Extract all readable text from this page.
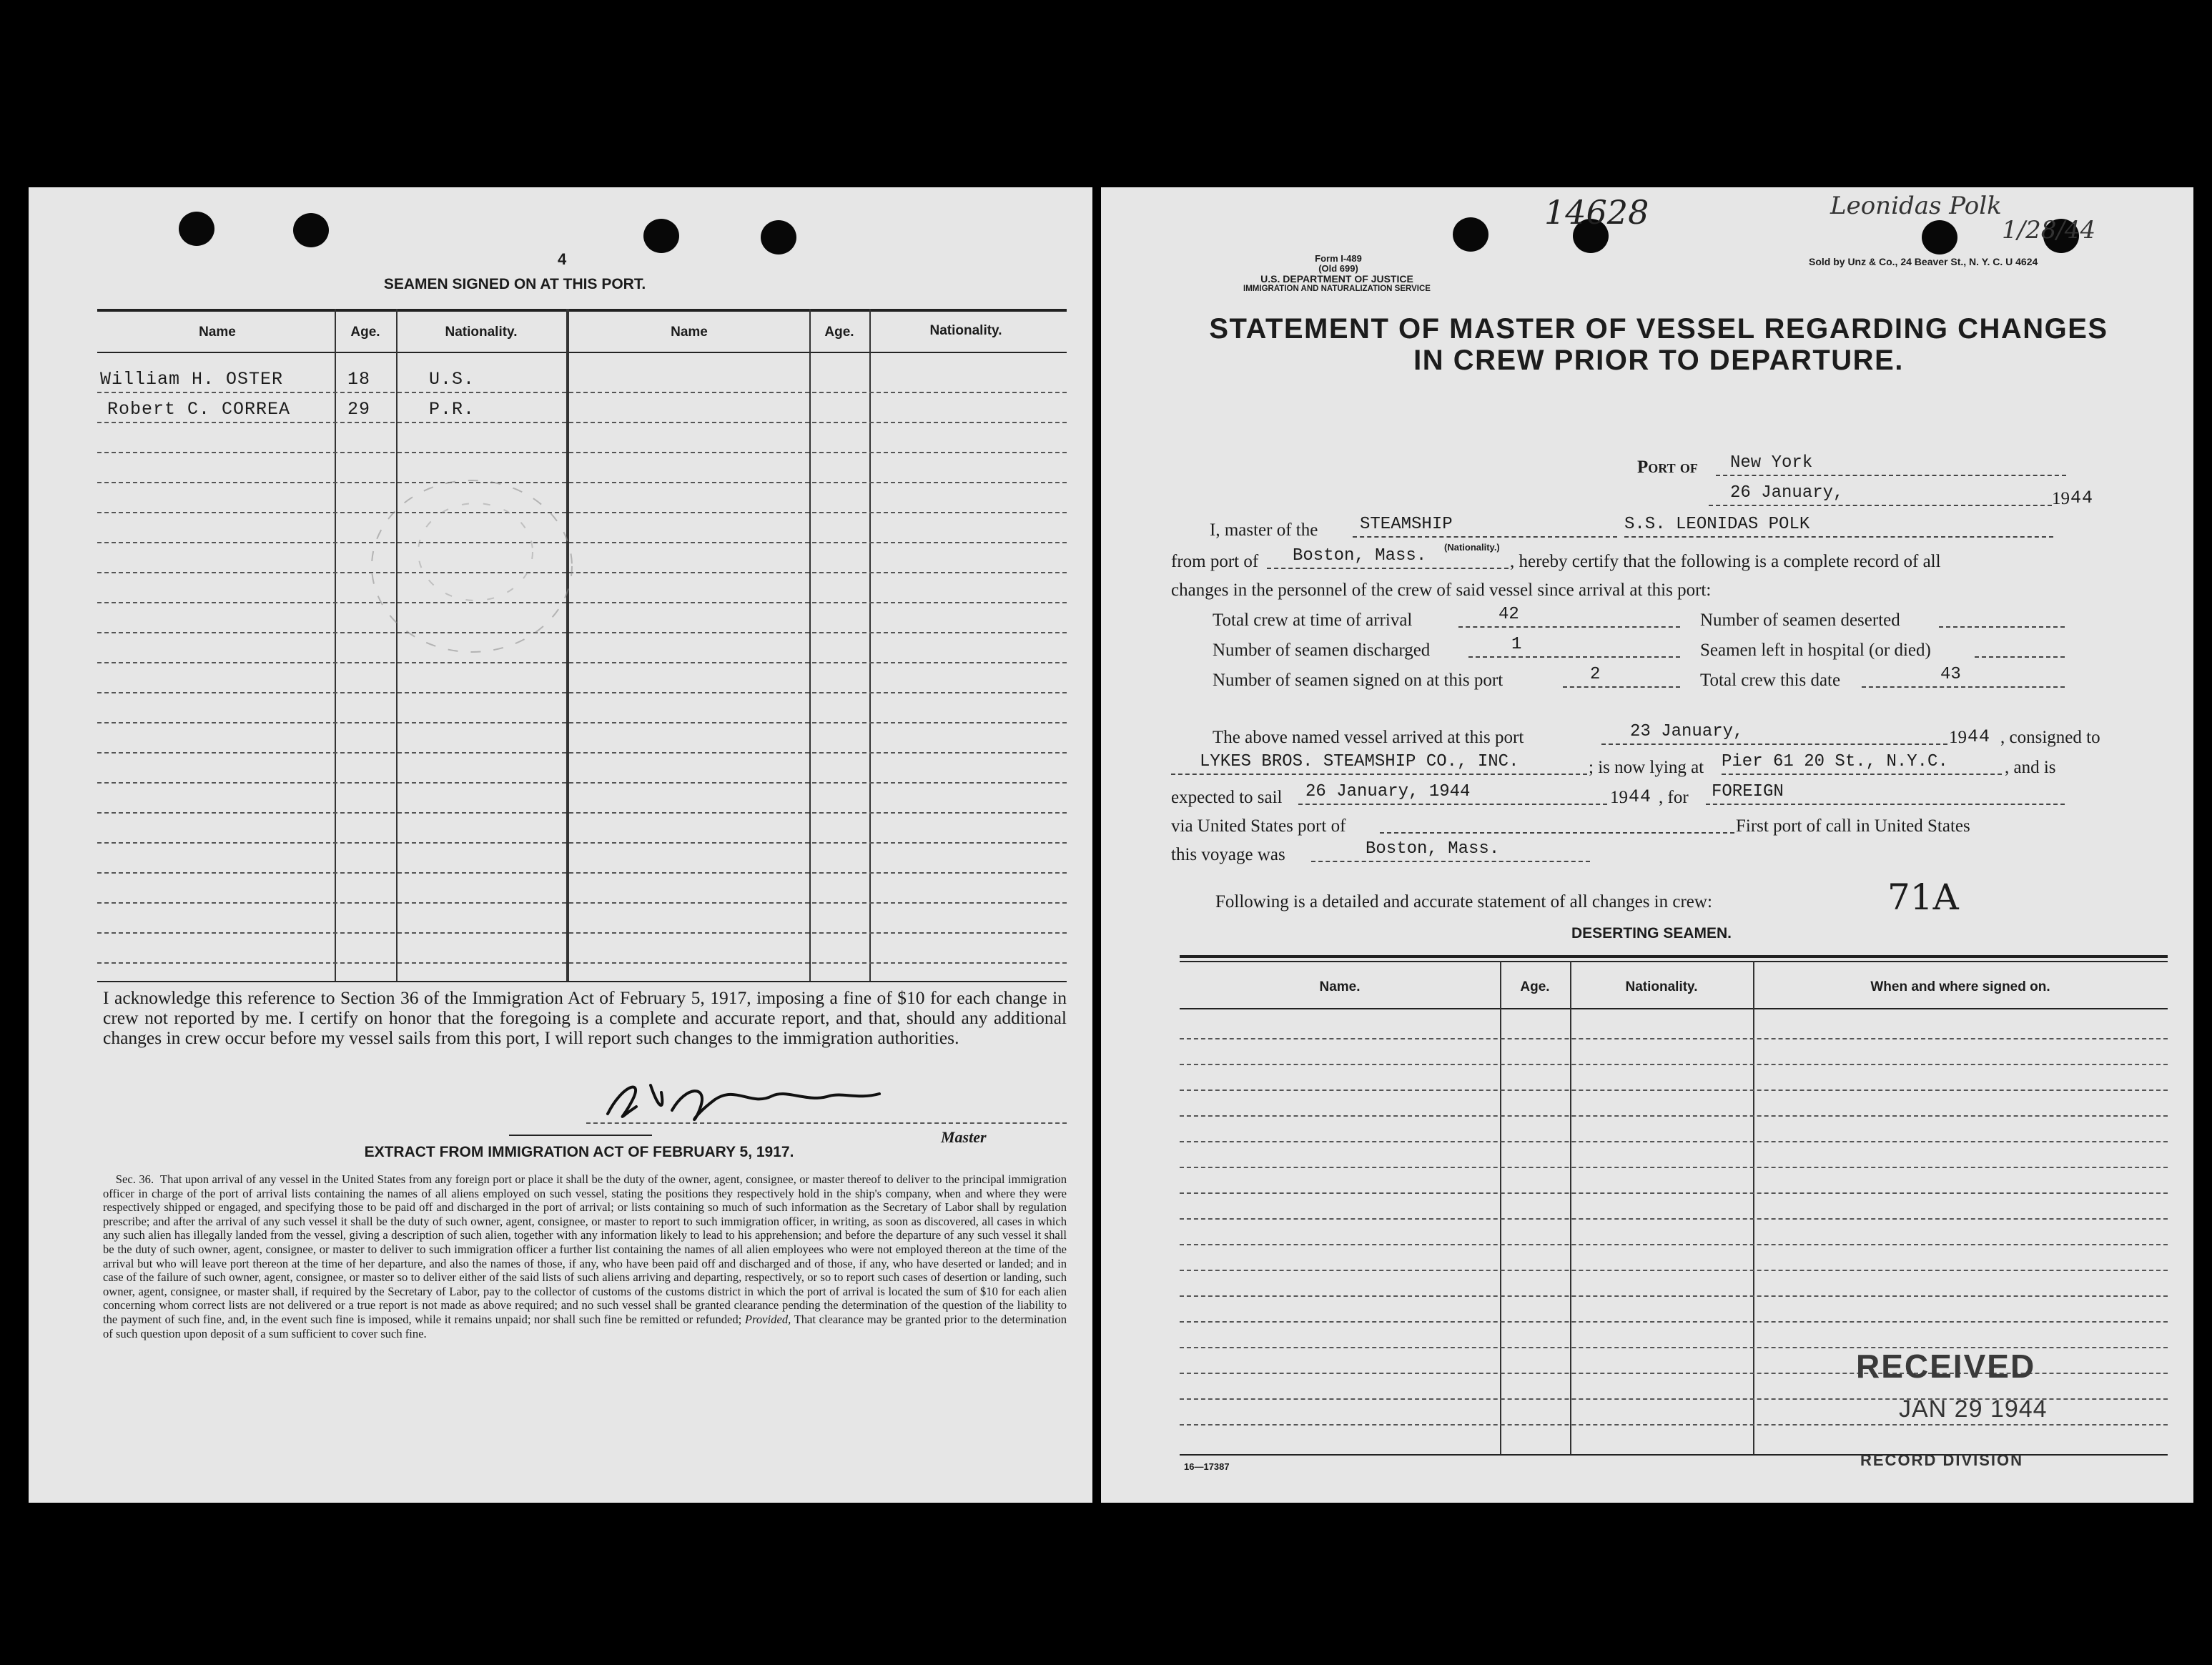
4
SEAMEN SIGNED ON AT THIS PORT.
Name	Age.	Nationality.	Name	Age.	Nationality.
William H. OSTER	18	U.S.
Robert C. CORREA	29	P.R.
I acknowledge this reference to Section 36 of the Immigration Act of February 5, 1917, imposing a fine of $10 for each change in crew not reported by me. I certify on honor that the foregoing is a complete and accurate report, and that, should any additional changes in crew occur before my vessel sails from this port, I will report such changes to the immigration authorities.
Master
EXTRACT FROM IMMIGRATION ACT OF FEBRUARY 5, 1917.
Sec. 36. That upon arrival of any vessel in the United States from any foreign port or place it shall be the duty of the owner, agent, consignee, or master thereof to deliver to the principal immigration officer in charge of the port of arrival lists containing the names of all aliens employed on such vessel, stating the positions they respectively hold in the ship's company, when and where they were respectively shipped or engaged, and specifying those to be paid off and discharged in the port of arrival; or lists containing so much of such information as the Secretary of Labor shall by regulation prescribe; and after the arrival of any such vessel it shall be the duty of such owner, agent, consignee, or master to report to such immigration officer, in writing, as soon as discovered, all cases in which any such alien has illegally landed from the vessel, giving a description of such alien, together with any information likely to lead to his apprehension; and before the departure of any such vessel it shall be the duty of such owner, agent, consignee, or master to deliver to such immigration officer a further list containing the names of all alien employees who were not employed thereon at the time of the arrival but who will leave port thereon at the time of her departure, and also the names of those, if any, who have been paid off and discharged and of those, if any, who have deserted or landed; and in case of the failure of such owner, agent, consignee, or master so to deliver either of the said lists of such aliens arriving and departing, respectively, or so to report such cases of desertion or landing, such owner, agent, consignee, or master shall, if required by the Secretary of Labor, pay to the collector of customs of the customs district in which the port of arrival is located the sum of $10 for each alien concerning whom correct lists are not delivered or a true report is not made as above required; and no such vessel shall be granted clearance pending the determination of the question of the liability to the payment of such fine, and, in the event such fine is imposed, while it remains unpaid; nor shall such fine be remitted or refunded; Provided, That clearance may be granted prior to the determination of such question upon deposit of a sum sufficient to cover such fine.
14628	Leonidas Polk
1/28/44
Form I-489
(Old 699)
U.S. DEPARTMENT OF JUSTICE
IMMIGRATION AND NATURALIZATION SERVICE
Sold by Unz & Co., 24 Beaver St., N. Y. C. U 4624
STATEMENT OF MASTER OF VESSEL REGARDING CHANGES
IN CREW PRIOR TO DEPARTURE.
Port of	New York
26 January,	19 44
I, master of the	STEAMSHIP
(Nationality.)
S.S. LEONIDAS POLK
from port of	Boston, Mass.	, hereby certify that the following is a complete record of all
changes in the personnel of the crew of said vessel since arrival at this port:
Total crew at time of arrival	42	Number of seamen deserted
Number of seamen discharged	1	Seamen left in hospital (or died)
Number of seamen signed on at this port	2	Total crew this date	43
The above named vessel arrived at this port	23 January,	19 44 , consigned to
LYKES BROS. STEAMSHIP CO., INC.	; is now lying at Pier 61 20 St., N.Y.C.	, and is
expected to sail	26 January, 1944	19 44 , for	FOREIGN
via United States port of	First port of call in United States
this voyage was	Boston, Mass.
Following is a detailed and accurate statement of all changes in crew:	71A
DESERTING SEAMEN.
Name.	Age.	Nationality.	When and where signed on.
RECEIVED
JAN 29 1944
RECORD DIVISION
16—17387
